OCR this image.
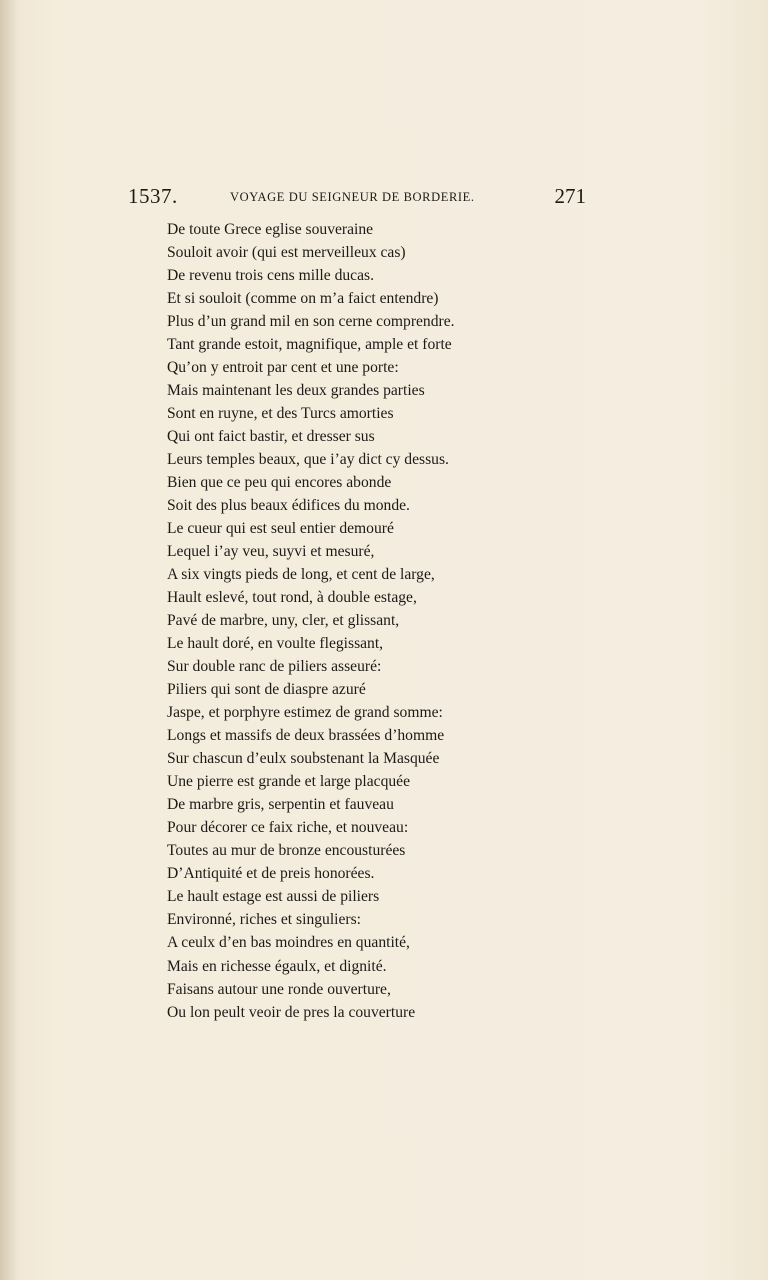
1537.	VOYAGE DU SEIGNEUR DE BORDERIE.	271
De toute Grece eglise souveraine
Souloit avoir (qui est merveilleux cas)
De revenu trois cens mille ducas.
Et si souloit (comme on m’a faict entendre)
Plus d’un grand mil en son cerne comprendre.
Tant grande estoit, magnifique, ample et forte
Qu’on y entroit par cent et une porte:
Mais maintenant les deux grandes parties
Sont en ruyne, et des Turcs amorties
Qui ont faict bastir, et dresser sus
Leurs temples beaux, que i’ay dict cy dessus.
Bien que ce peu qui encores abonde
Soit des plus beaux édifices du monde.
Le cueur qui est seul entier demouré
Lequel i’ay veu, suyvi et mesuré,
A six vingts pieds de long, et cent de large,
Hault eslevé, tout rond, à double estage,
Pavé de marbre, uny, cler, et glissant,
Le hault doré, en voulte flegissant,
Sur double ranc de piliers asseuré:
Piliers qui sont de diaspre azuré
Jaspe, et porphyre estimez de grand somme:
Longs et massifs de deux brassées d’homme
Sur chascun d’eulx soubstenant la Masquée
Une pierre est grande et large placquée
De marbre gris, serpentin et fauveau
Pour décorer ce faix riche, et nouveau:
Toutes au mur de bronze encousturées
D’Antiquité et de preis honorées.
Le hault estage est aussi de piliers
Environné, riches et singuliers:
A ceulx d’en bas moindres en quantité,
Mais en richesse égaulx, et dignité.
Faisans autour une ronde ouverture,
Ou lon peult veoir de pres la couverture
